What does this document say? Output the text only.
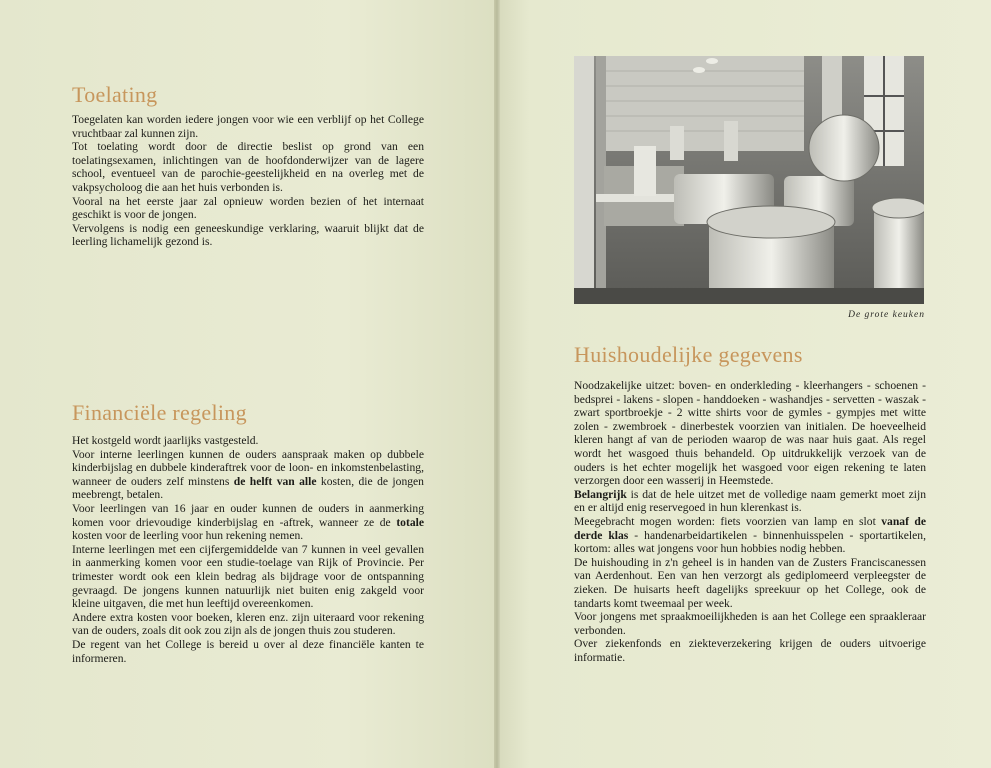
Toelating

Toegelaten kan worden iedere jongen voor wie een verblijf op het College vruchtbaar zal kunnen zijn.

Tot toelating wordt door de directie beslist op grond van een toelatingsexamen, inlichtingen van de hoofdonderwijzer van de lagere school, eventueel van de parochie-geestelijkheid en na overleg met de vakpsycholoog die aan het huis verbonden is.

Vooral na het eerste jaar zal opnieuw worden bezien of het internaat geschikt is voor de jongen.

Vervolgens is nodig een geneeskundige verklaring, waaruit blijkt dat de leerling lichamelijk gezond is.

Financiële regeling

Het kostgeld wordt jaarlijks vastgesteld.

Voor interne leerlingen kunnen de ouders aanspraak maken op dubbele kinderbijslag en dubbele kinderaftrek voor de loon- en inkomstenbelasting, wanneer de ouders zelf minstens de helft van alle kosten, die de jongen meebrengt, betalen.

Voor leerlingen van 16 jaar en ouder kunnen de ouders in aanmerking komen voor drievoudige kinderbijslag en -aftrek, wanneer ze de totale kosten voor de leerling voor hun rekening nemen.

Interne leerlingen met een cijfergemiddelde van 7 kunnen in veel gevallen in aanmerking komen voor een studie-toelage van Rijk of Provincie. Per trimester wordt ook een klein bedrag als bijdrage voor de ontspanning gevraagd. De jongens kunnen natuurlijk niet buiten enig zakgeld voor kleine uitgaven, die met hun leeftijd overeenkomen.

Andere extra kosten voor boeken, kleren enz. zijn uiteraard voor rekening van de ouders, zoals dit ook zou zijn als de jongen thuis zou studeren.

De regent van het College is bereid u over al deze financiële kanten te informeren.

De grote keuken
Huishoudelijke gegevens

Noodzakelijke uitzet: boven- en onderkleding - kleerhangers - schoenen - bedsprei - lakens - slopen - handdoeken - washandjes - servetten - waszak - zwart sportbroekje - 2 witte shirts voor de gymles - gympjes met witte zolen - zwembroek - dinerbestek voorzien van initialen. De hoeveelheid kleren hangt af van de perioden waarop de was naar huis gaat. Als regel wordt het wasgoed thuis behandeld. Op uitdrukkelijk verzoek van de ouders is het echter mogelijk het wasgoed voor eigen rekening te laten verzorgen door een wasserij in Heemstede.

Belangrijk is dat de hele uitzet met de volledige naam gemerkt moet zijn en er altijd enig reservegoed in hun klerenkast is.

Meegebracht mogen worden: fiets voorzien van lamp en slot vanaf de derde klas - handenarbeidartikelen - binnenhuisspelen - sportartikelen, kortom: alles wat jongens voor hun hobbies nodig hebben.

De huishouding in z'n geheel is in handen van de Zusters Franciscanessen van Aerdenhout. Een van hen verzorgt als gediplomeerd verpleegster de zieken. De huisarts heeft dagelijks spreekuur op het College, ook de tandarts komt tweemaal per week.

Voor jongens met spraakmoeilijkheden is aan het College een spraakleraar verbonden.

Over ziekenfonds en ziekteverzekering krijgen de ouders uitvoerige informatie.
